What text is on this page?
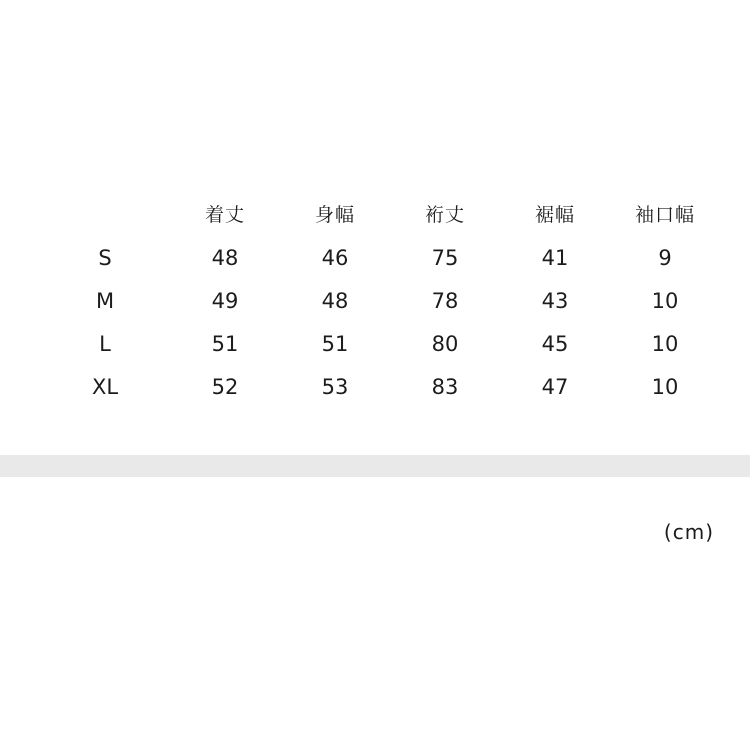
	着丈	身幅	裄丈	裾幅	袖口幅
S	48	46	75	41	9
M	49	48	78	43	10
L	51	51	80	45	10
XL	52	53	83	47	10
(cm)
